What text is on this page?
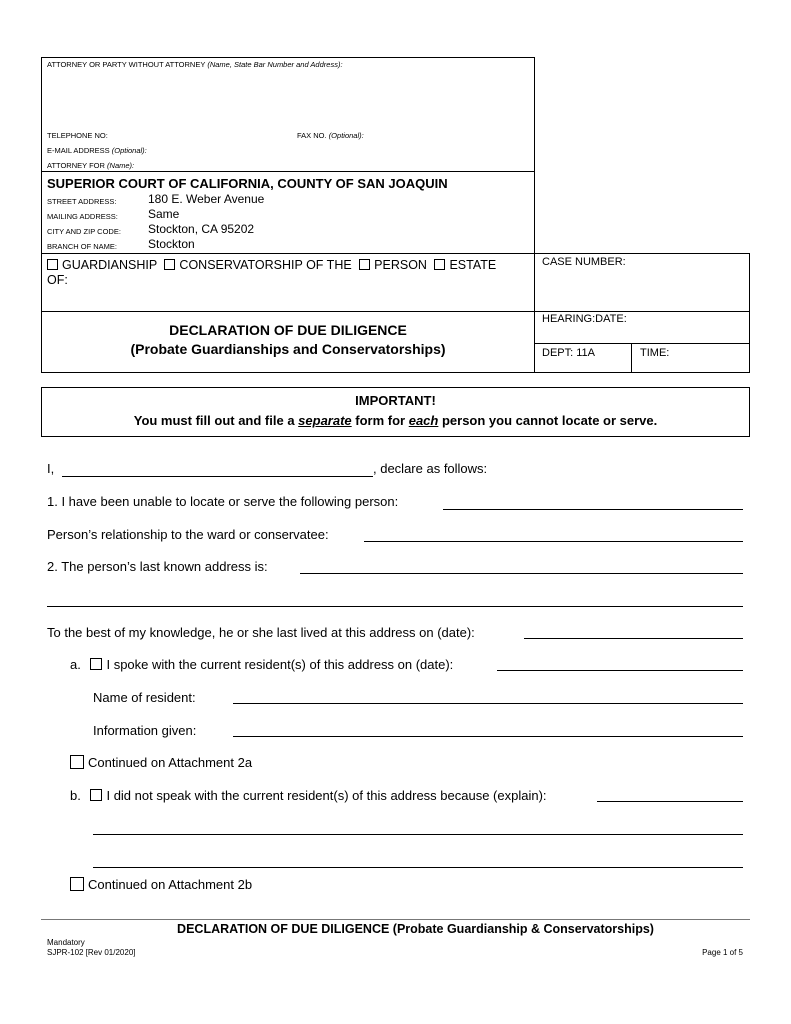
ATTORNEY OR PARTY WITHOUT ATTORNEY (Name, State Bar Number and Address):
TELEPHONE NO:	FAX NO. (Optional):
E-MAIL ADDRESS (Optional):
ATTORNEY FOR (Name):
SUPERIOR COURT OF CALIFORNIA, COUNTY OF SAN JOAQUIN
STREET ADDRESS:	180 E. Weber Avenue
MAILING ADDRESS:	Same
CITY AND ZIP CODE: Stockton, CA 95202
BRANCH OF NAME:	Stockton
GUARDIANSHIP CONSERVATORSHIP OF THE PERSON ESTATE
OF:
CASE NUMBER:
DECLARATION OF DUE DILIGENCE
(Probate Guardianships and Conservatorships)
HEARING:DATE:
DEPT: 11A	TIME:
IMPORTANT!
You must fill out and file a separate form for each person you cannot locate or serve.
I,	, declare as follows:
1. I have been unable to locate or serve the following person:
Person’s relationship to the ward or conservatee:
2. The person’s last known address is:
To the best of my knowledge, he or she last lived at this address on (date):
a. I spoke with the current resident(s) of this address on (date):
Name of resident:
Information given:
Continued on Attachment 2a
b. I did not speak with the current resident(s) of this address because (explain):
Continued on Attachment 2b
DECLARATION OF DUE DILIGENCE (Probate Guardianship & Conservatorships)
Mandatory
SJPR-102 [Rev 01/2020]	Page 1 of 5
